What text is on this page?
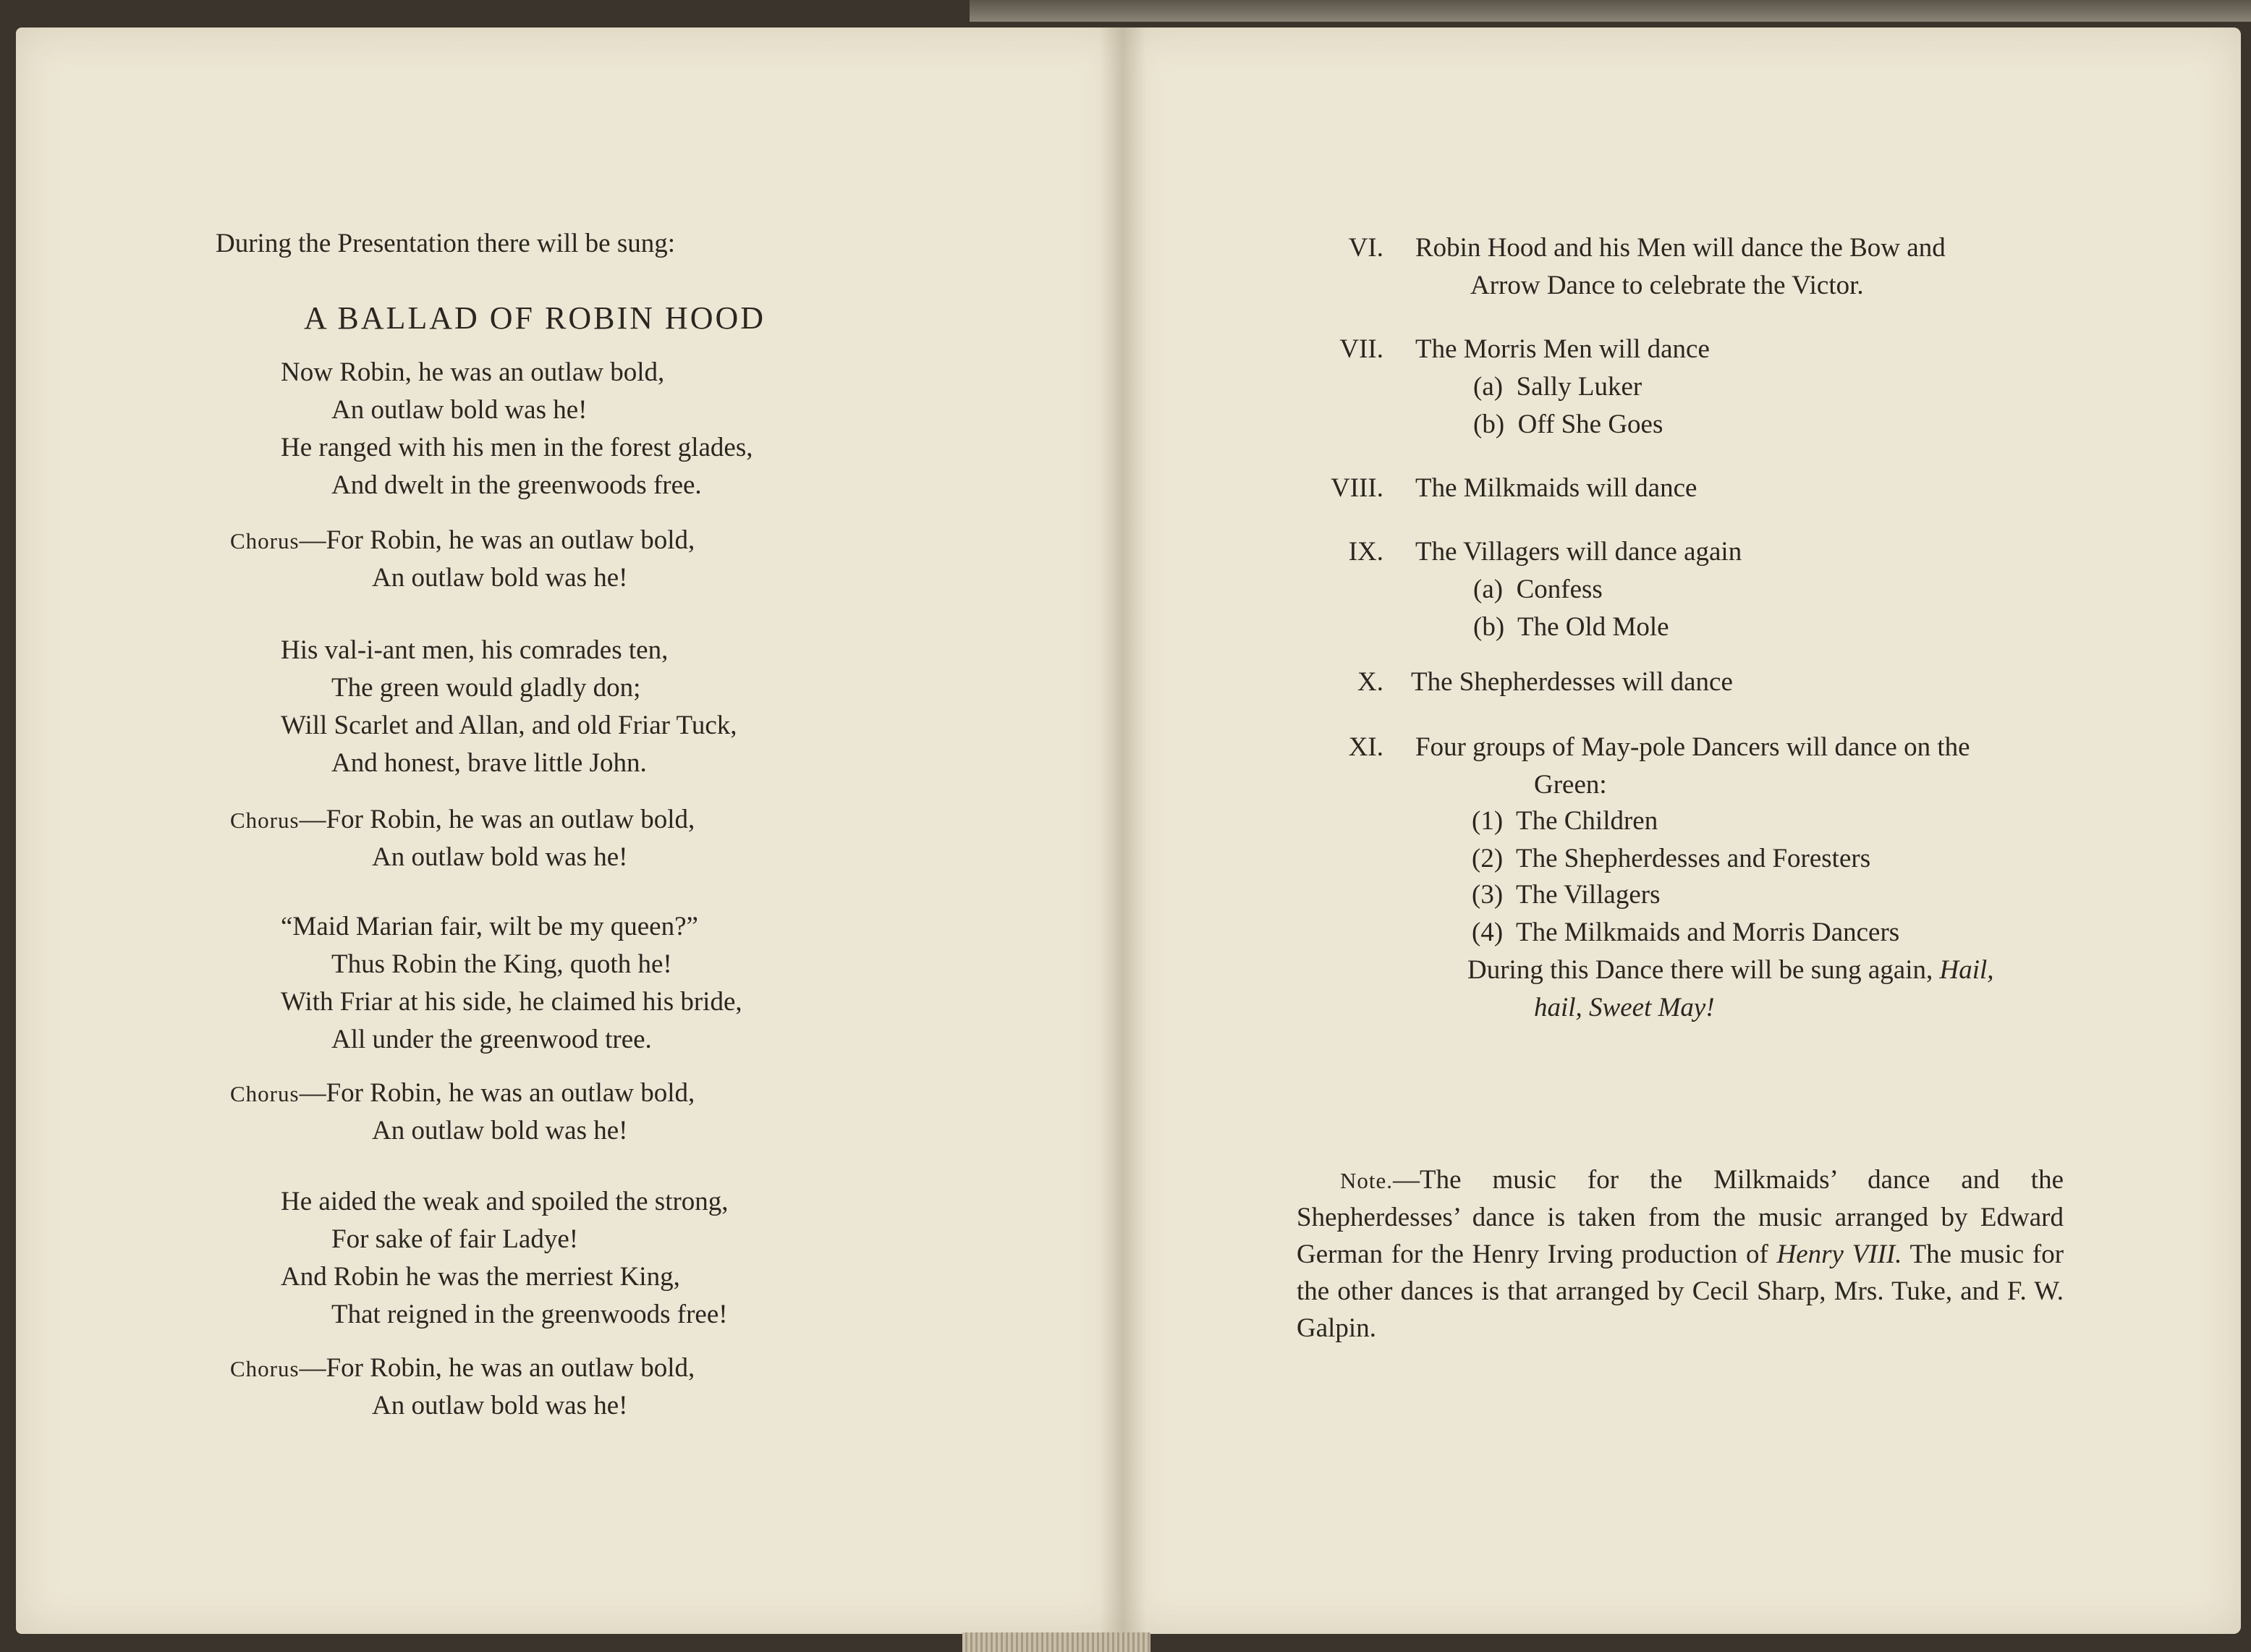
During the Presentation there will be sung:
A BALLAD OF ROBIN HOOD
Now Robin, he was an outlaw bold,
An outlaw bold was he!
He ranged with his men in the forest glades,
And dwelt in the greenwoods free.
Chorus—For Robin, he was an outlaw bold,
An outlaw bold was he!
His val-i-ant men, his comrades ten,
The green would gladly don;
Will Scarlet and Allan, and old Friar Tuck,
And honest, brave little John.
Chorus—For Robin, he was an outlaw bold,
An outlaw bold was he!
“Maid Marian fair, wilt be my queen?”
Thus Robin the King, quoth he!
With Friar at his side, he claimed his bride,
All under the greenwood tree.
Chorus—For Robin, he was an outlaw bold,
An outlaw bold was he!
He aided the weak and spoiled the strong,
For sake of fair Ladye!
And Robin he was the merriest King,
That reigned in the greenwoods free!
Chorus—For Robin, he was an outlaw bold,
An outlaw bold was he!
VI. Robin Hood and his Men will dance the Bow and
Arrow Dance to celebrate the Victor.
VII. The Morris Men will dance
(a)  Sally Luker
(b)  Off She Goes
VIII. The Milkmaids will dance
IX. The Villagers will dance again
(a)  Confess
(b)  The Old Mole
X. The Shepherdesses will dance
XI. Four groups of May-pole Dancers will dance on the
Green:
(1)  The Children
(2)  The Shepherdesses and Foresters
(3)  The Villagers
(4)  The Milkmaids and Morris Dancers
During this Dance there will be sung again, Hail,
hail, Sweet May!
Note.—The music for the Milkmaids’ dance and the Shepherdesses’ dance is taken from the music arranged by Edward German for the Henry Irving production of Henry VIII. The music for the other dances is that arranged by Cecil Sharp, Mrs. Tuke, and F. W. Galpin.
